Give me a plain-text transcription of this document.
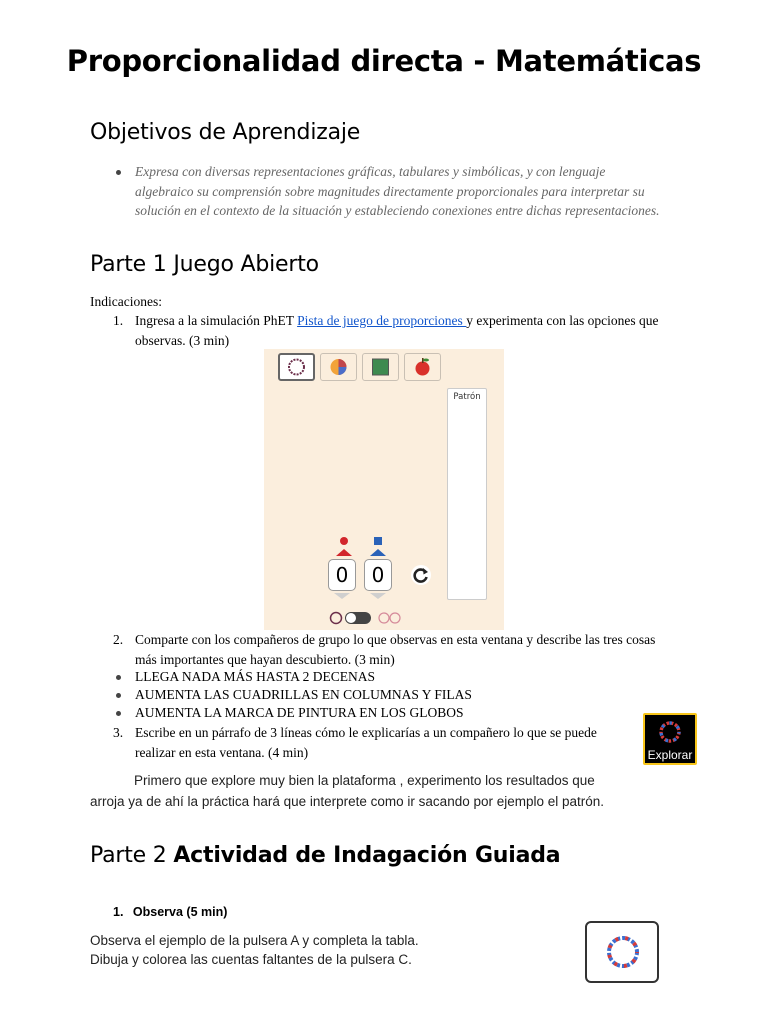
Proporcionalidad directa - Matemáticas
Objetivos de Aprendizaje
Expresa con diversas representaciones gráficas, tabulares y simbólicas, y con lenguaje
algebraico su comprensión sobre magnitudes directamente proporcionales para interpretar su
solución en el contexto de la situación y estableciendo conexiones entre dichas representaciones.
Parte 1 Juego Abierto
Indicaciones:
1. Ingresa a la simulación PhET Pista de juego de proporciones y experimenta con las opciones que
observas. (3 min)
Patrón
0	0
2. Comparte con los compañeros de grupo lo que observas en esta ventana y describe las tres cosas
más importantes que hayan descubierto. (3 min)
LLEGA NADA MÁS HASTA 2 DECENAS
AUMENTA LAS CUADRILLAS EN COLUMNAS Y FILAS
AUMENTA LA MARCA DE PINTURA EN LOS GLOBOS
3. Escribe en un párrafo de 3 líneas cómo le explicarías a un compañero lo que se puede
realizar en esta ventana. (4 min)	Explorar
Primero que explore muy bien la plataforma , experimento los resultados que
arroja ya de ahí la práctica hará que interprete como ir sacando por ejemplo el patrón.
Parte 2 Actividad de Indagación Guiada
1. Observa (5 min)
Observa el ejemplo de la pulsera A y completa la tabla.
Dibuja y colorea las cuentas faltantes de la pulsera C.
